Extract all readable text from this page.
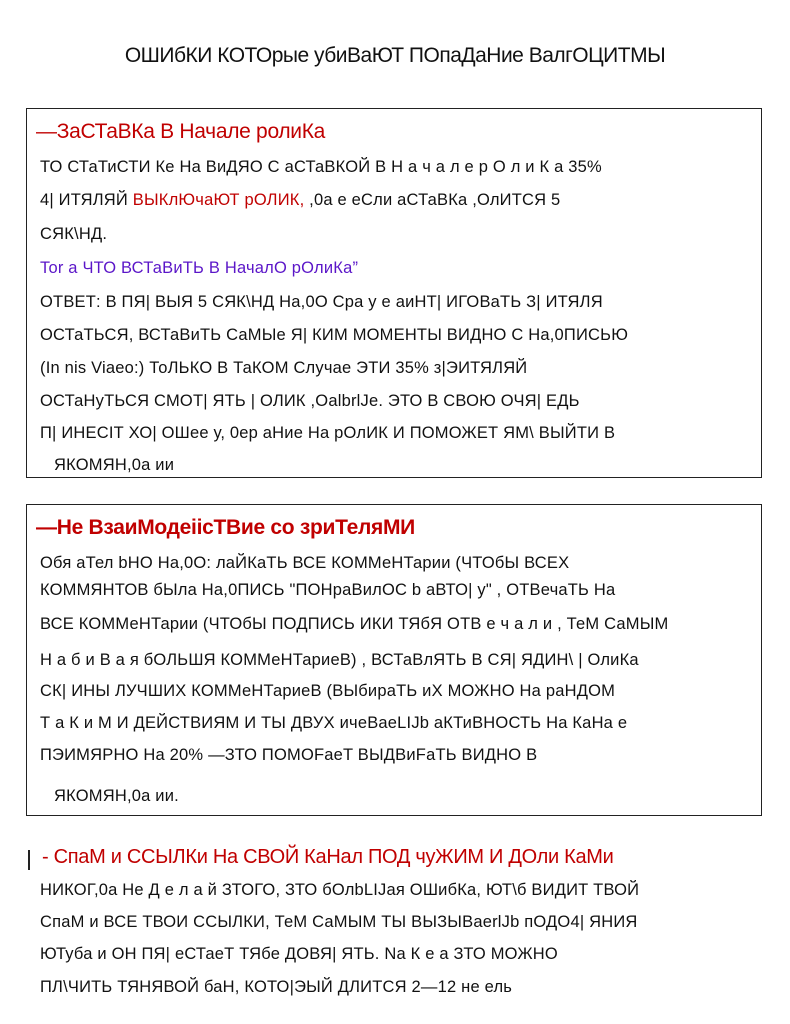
ОШИбКИ КОТОрые убиВаЮТ ПОпаДаНие ВалгОЦИТМЫ
—ЗаСТаВКа В Начале ролиКа
ТО СТаТиСТИ Ке На ВиДЯО С аСТаВКОЙ В Н а ч а л е р О л и К а 35%
4| ИТЯЛЯЙ ВЫКлЮчаЮТ рОЛИК, ,0а е еСли аСТаВКа ,ОлИТСЯ 5
СЯК\НД.
Tor а ЧТО ВСТаВиТЬ В НачалО рОлиКа”
ОТВЕТ: В ПЯ| ВЫЯ 5 СЯК\НД На,0О Сра у е аиНТ| ИГОВаТЬ З| ИТЯЛЯ
ОСТаТЬСЯ, ВСТаВиТЬ СаМЫе Я| КИМ МОМЕНТЫ ВИДНО С На,0ПИСЬЮ
(In nis Viaeo:) ТоЛЬКО В ТаКОМ Случае ЭТИ 35% з|ЭИТЯЛЯЙ
ОСТаНуТЬСЯ СМОТ| ЯТЬ | ОЛИК ,ОalbrlJe. ЭТО В СВОЮ ОЧЯ| ЕДЬ
П| ИНЕСІТ ХО| ОШее у, 0ер аНие На рОлИК И ПОМОЖЕТ ЯМ\ ВЫЙТИ В
ЯКОМЯН,0а ии
—Не ВзаиМодеiicТВие со зриТеляМИ
Обя аТел bНО На,0О: лаЙКаТЬ ВСЕ КОММеНТарии (ЧТОбЫ ВСЕХ
КОММЯНТОВ бЫла На,0ПИСЬ "ПОНраВилОС b аВТО| у" , ОТВечаТЬ На
ВСЕ КОММеНТарии (ЧТОбЫ ПОДПИСЬ ИКИ ТЯбЯ ОТВ е ч а л и , ТеМ СаМЫМ
Н а б и В а я бОЛЬШЯ КОММеНТариеВ) , ВСТаВлЯТЬ В СЯ| ЯДИН\ | ОлиКа
СК| ИНЫ ЛУЧШИХ КОММеНТариеВ (ВЫбираТЬ иХ МОЖНО На раНДОМ
Т а К и М И ДЕЙСТВИЯМ И ТЫ ДВУХ ичеВаеLIJb аКТиВНОСТЬ На КаНа е
ПЭИМЯРНО На 20% —ЗТО ПОМОFaeT ВЫДВиFaТЬ ВИДНО В
ЯКОМЯН,0а ии.
- СпаМ и ССЫЛКи На СВОЙ КаНал ПОД чуЖИМ И ДОли КаМи
НИКОГ,0а Не Д е л а й ЗТОГО, ЗТО бОлbLIJaя ОШибКа, ЮТ\б ВИДИТ ТВОЙ
СпаМ и ВСЕ ТВОИ ССЫЛКИ, ТеМ СаМЫМ ТЫ ВЫЗЫВаеrlJb пОДО4| ЯНИЯ
ЮТуба и ОН ПЯ| еСТаеТ ТЯбе ДОВЯ| ЯТЬ. Na К е а ЗТО МОЖНО
ПЛ\ЧИТЬ ТЯНЯВОЙ баН, КОТО|ЭЫЙ ДЛИТСЯ 2—12 не ель
